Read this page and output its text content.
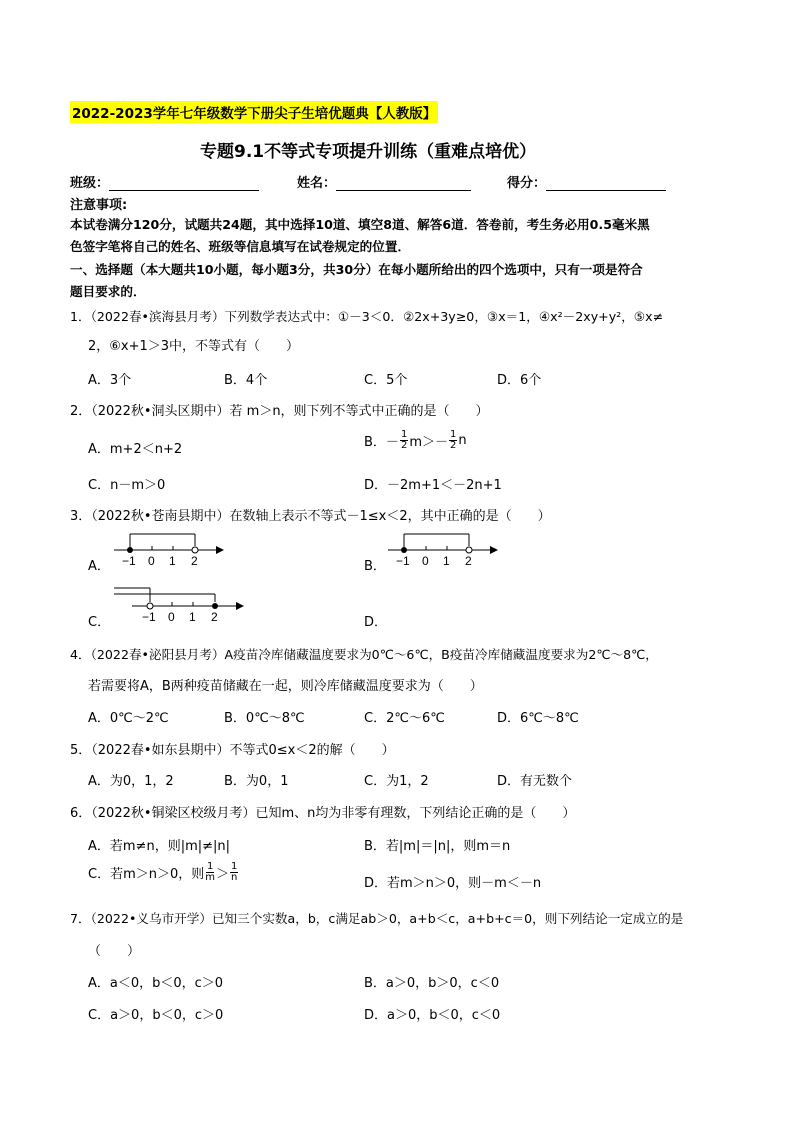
2022-2023学年七年级数学下册尖子生培优题典【人教版】
专题9.1不等式专项提升训练（重难点培优）
班级：	姓名：	得分：
注意事项:
本试卷满分120分，试题共24题，其中选择10道、填空8道、解答6道．答卷前，考生务必用0.5毫米黑
色签字笔将自己的姓名、班级等信息填写在试卷规定的位置．
一、选择题（本大题共10小题，每小题3分，共30分）在每小题所给出的四个选项中，只有一项是符合
题目要求的．
1．（2022春•滨海县月考）下列数学表达式中：①－3＜0．②2x+3y≥0，③x＝1，④x²－2xy+y²，⑤x≠
2，⑥x+1＞3中，不等式有（　　）
A．3个	B．4个	C．5个	D．6个
2．（2022秋•洞头区期中）若 m＞n，则下列不等式中正确的是（　　）
A．m+2＜n+2	B． － $\frac{1}{2} m>- \frac{1}{2}$ n
C．n－m＞0	D．－2m+1＜－2n+1
3．（2022秋•苍南县期中）在数轴上表示不等式－1≤x＜2，其中正确的是（　　）
A． −1 0 1 2	B． −1 0 1 2
C．	−1 0 1 2	D．
4．（2022春•泌阳县月考）A疫苗冷库储藏温度要求为0℃～6℃，B疫苗冷库储藏温度要求为2℃～8℃，
若需要将A，B两种疫苗储藏在一起，则冷库储藏温度要求为（　　）
A．0℃～2℃	B．0℃～8℃	C．2℃～6℃	D．6℃～8℃
5．（2022春•如东县期中）不等式0≤x＜2的解（　　）
A．为0，1，2	B．为0，1	C．为1，2	D．有无数个
6．（2022秋•铜梁区校级月考）已知m、n均为非零有理数，下列结论正确的是（　　）
A．若m≠n，则|m|≠|n|	B．若|m|＝|n|，则m＝n
C．若m＞n＞0，则 $\frac{1}{m} > \frac{1}{n}$
D．若m＞n＞0，则－m＜－n
7．（2022•义乌市开学）已知三个实数a，b，c满足ab＞0，a+b＜c，a+b+c＝0，则下列结论一定成立的是
（　　）
A．a＜0，b＜0，c＞0	B．a＞0，b＞0，c＜0
C．a＞0，b＜0，c＞0	D．a＞0，b＜0，c＜0
